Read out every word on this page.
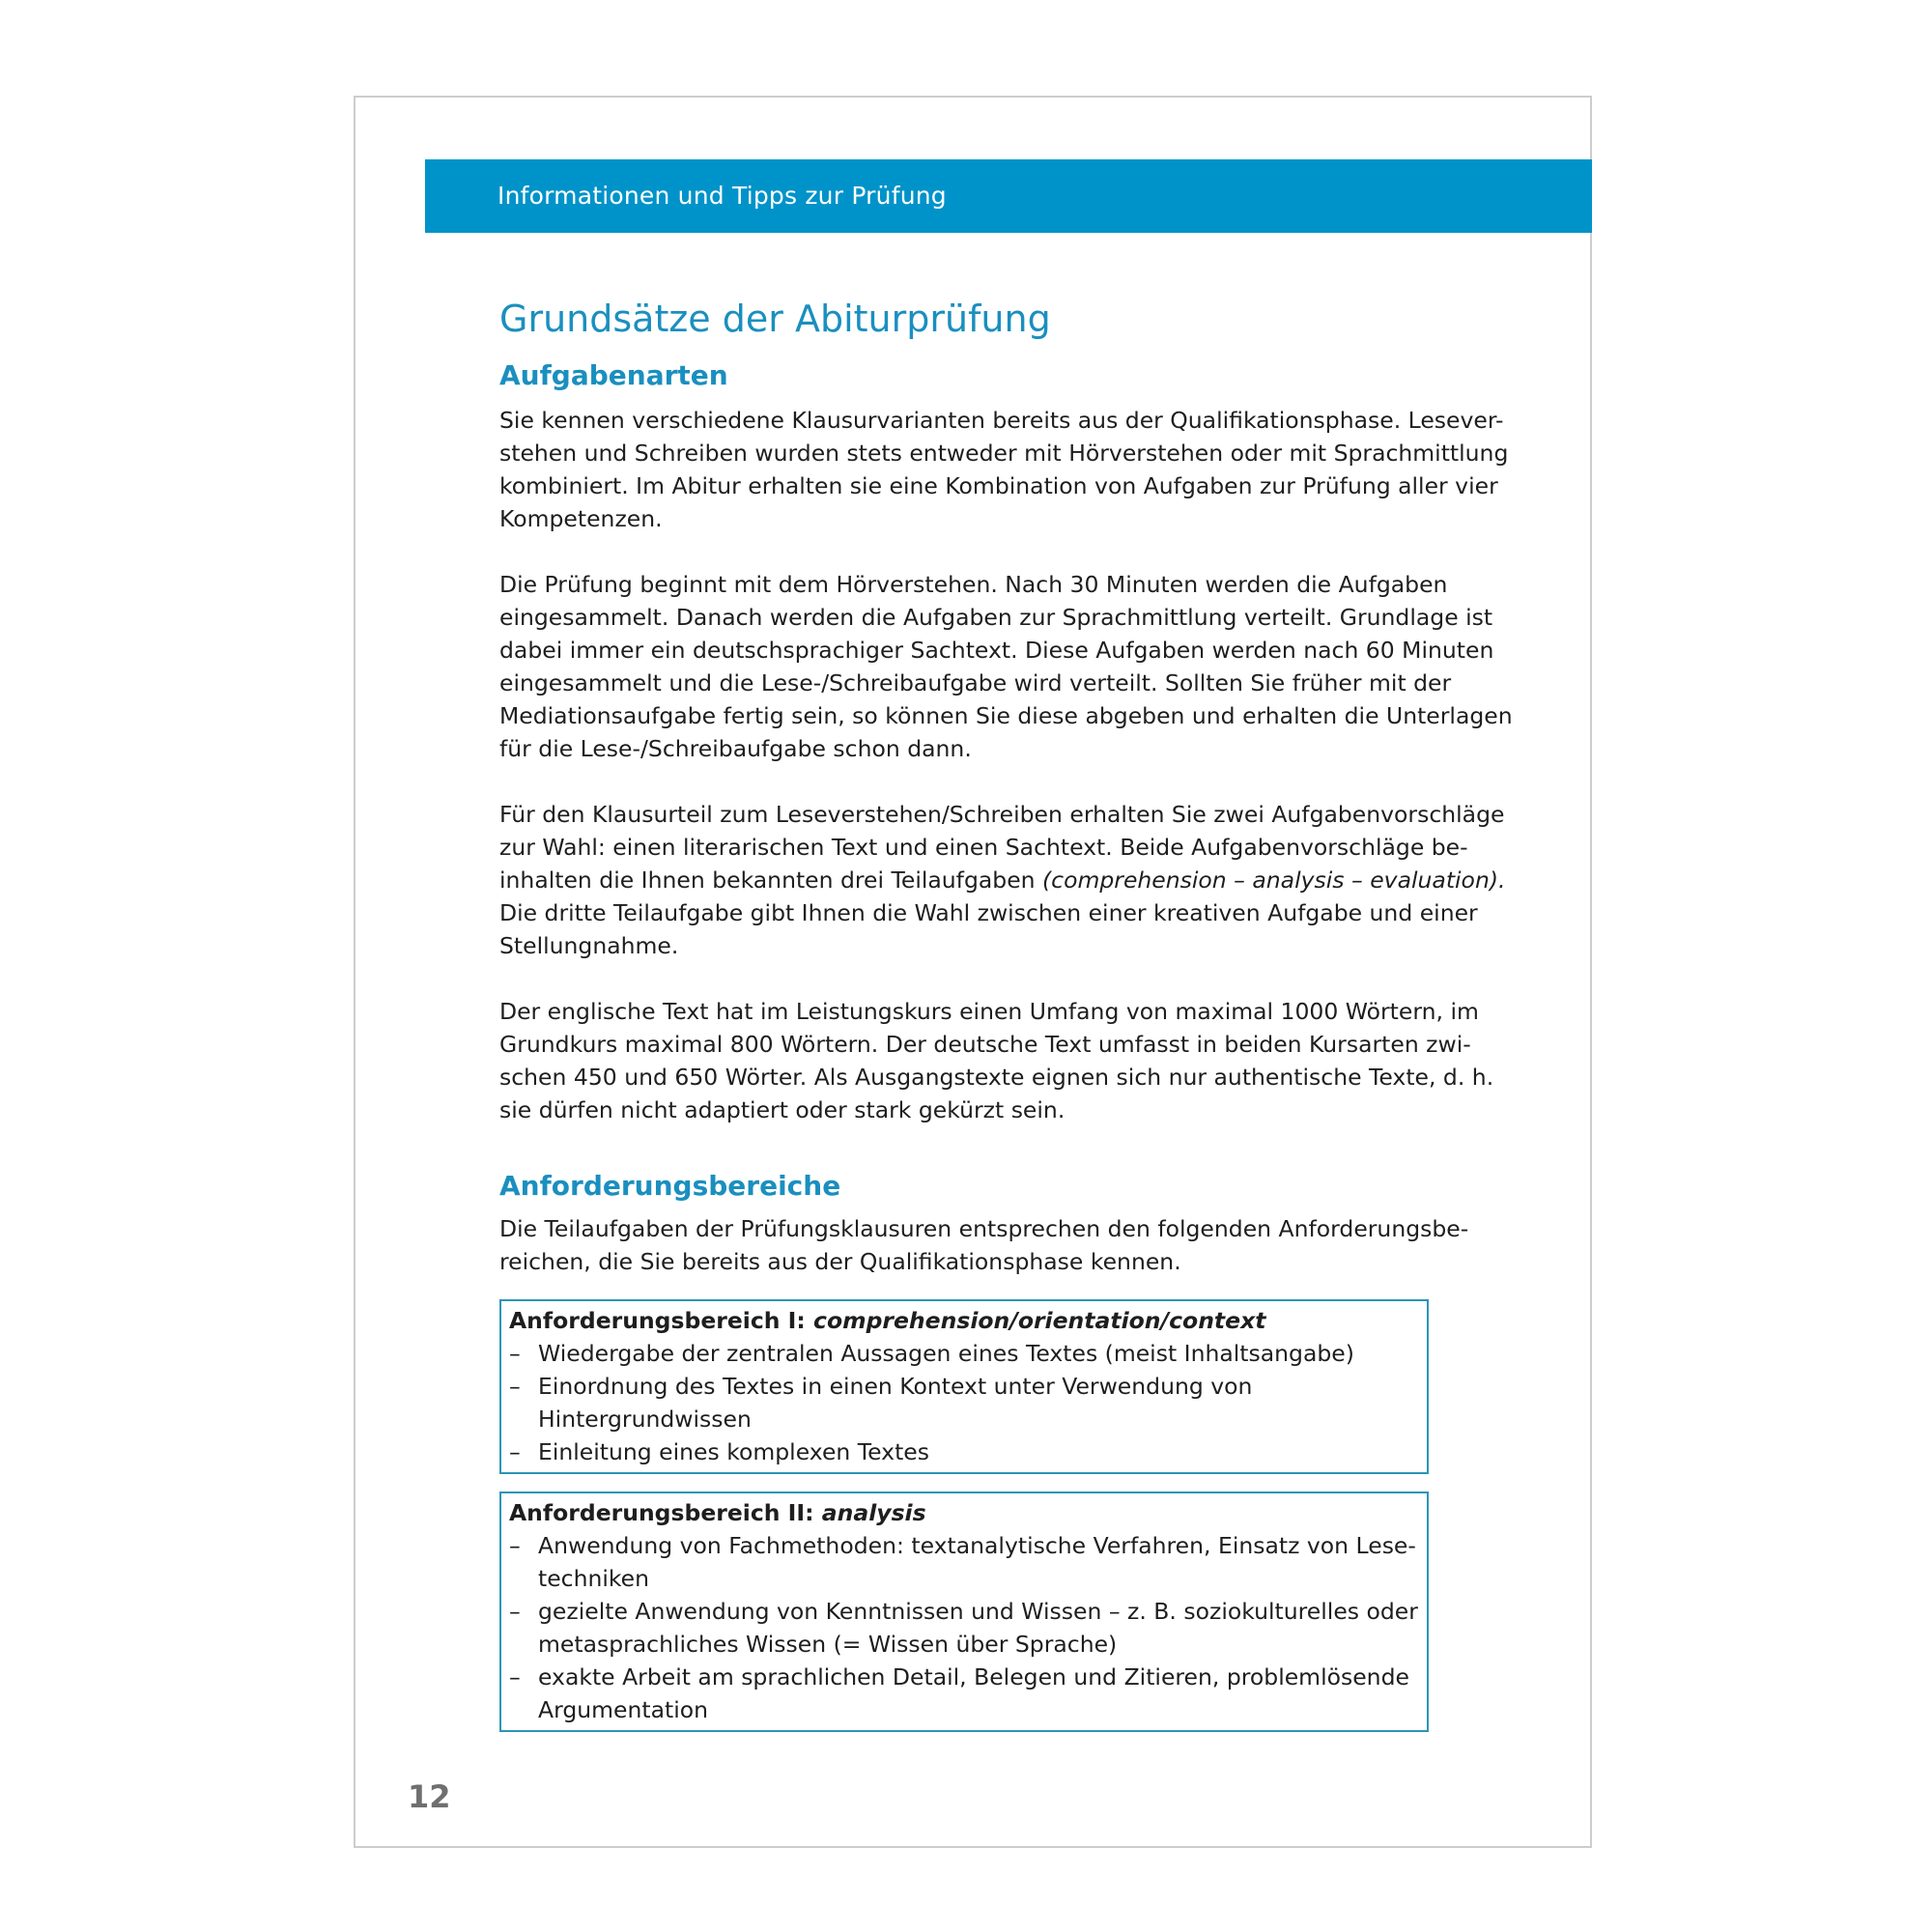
Informationen und Tipps zur Prüfung
Grundsätze der Abiturprüfung
Aufgabenarten
Sie kennen verschiedene Klausurvarianten bereits aus der Qualifikationsphase. Lesever-
stehen und Schreiben wurden stets entweder mit Hörverstehen oder mit Sprachmittlung
kombiniert. Im Abitur erhalten sie eine Kombination von Aufgaben zur Prüfung aller vier
Kompetenzen.
Die Prüfung beginnt mit dem Hörverstehen. Nach 30 Minuten werden die Aufgaben
eingesammelt. Danach werden die Aufgaben zur Sprachmittlung verteilt. Grundlage ist
dabei immer ein deutschsprachiger Sachtext. Diese Aufgaben werden nach 60 Minuten
eingesammelt und die Lese-/Schreibaufgabe wird verteilt. Sollten Sie früher mit der
Mediationsaufgabe fertig sein, so können Sie diese abgeben und erhalten die Unterlagen
für die Lese-/Schreibaufgabe schon dann.
Für den Klausurteil zum Leseverstehen/Schreiben erhalten Sie zwei Aufgabenvorschläge
zur Wahl: einen literarischen Text und einen Sachtext. Beide Aufgabenvorschläge be-
inhalten die Ihnen bekannten drei Teilaufgaben (comprehension – analysis – evaluation).
Die dritte Teilaufgabe gibt Ihnen die Wahl zwischen einer kreativen Aufgabe und einer
Stellungnahme.
Der englische Text hat im Leistungskurs einen Umfang von maximal 1000 Wörtern, im
Grundkurs maximal 800 Wörtern. Der deutsche Text umfasst in beiden Kursarten zwi-
schen 450 und 650 Wörter. Als Ausgangstexte eignen sich nur authentische Texte, d. h.
sie dürfen nicht adaptiert oder stark gekürzt sein.
Anforderungsbereiche
Die Teilaufgaben der Prüfungsklausuren entsprechen den folgenden Anforderungsbe-
reichen, die Sie bereits aus der Qualifikationsphase kennen.
Anforderungsbereich I: comprehension/orientation/context
– Wiedergabe der zentralen Aussagen eines Textes (meist Inhaltsangabe)
– Einordnung des Textes in einen Kontext unter Verwendung von Hintergrundwissen
– Einleitung eines komplexen Textes
Anforderungsbereich II: analysis
– Anwendung von Fachmethoden: textanalytische Verfahren, Einsatz von Lese-
techniken
– gezielte Anwendung von Kenntnissen und Wissen – z. B. soziokulturelles oder
metasprachliches Wissen (= Wissen über Sprache)
– exakte Arbeit am sprachlichen Detail, Belegen und Zitieren, problemlösende
Argumentation
12
